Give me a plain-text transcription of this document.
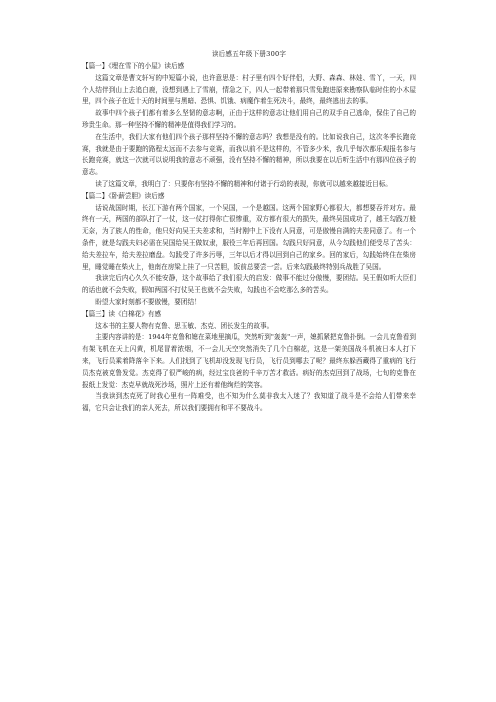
读后感五年级下册300字

【篇一】《埋在雪下的小屋》读后感

这篇文章是曹文轩写的中短篇小说，也许意思是：村子里有四个好伴侣，大野、森森、林娃、雪丫，一天，四个人结伴到山上去追白鹿，没想到遇上了雪崩，情急之下，四人一起带着那只雪兔跑进原来勘察队临时住的小木屋里，四个孩子在近十天的时间里与黑暗、恐惧、饥饿、病魔作着生死决斗，最终，最终逃出去的事。

故事中四个孩子们都有着多么坚韧的意志啊，正由于这样的意志让他们用自己的双手自己逃命，保住了自己的珍贵生命。那一种坚持不懈的精神是值得我们学习的。

在生活中，我们大家有他们四个孩子那样坚持不懈的意志吗？我想是没有的。比如说我自己，这次冬季长跑竞赛，我就是由于要跑的路程太远而不去参与竞赛，而我以前不是这样的，不管多少米，我几乎每次都乐观报名参与长跑竞赛，就这一次就可以说明我的意志不顽强，没有坚持不懈的精神，所以我要在以后听生活中有那四位孩子的意志。

读了这篇文章，我明白了：只要你有坚持不懈的精神和付诸于行动的表现，你就可以越来越接近目标。

【篇二】《卧薪尝胆》读后感

话说战国时期，长江下游有两个国家，一个吴国，一个是越国。这两个国家野心都很大，都想要吞并对方。最终有一天，两国的部队打了一仗，这一仗打得你亡很惨重，双方都有很大的损失，最终吴国成功了，越王勾践万般无奈，为了族人的性命，他只好向吴王夫差求和，当时刚中上下没有人同意，可是傲慢自满的夫差同意了。有一个条件，就是勾践夫妇必需在吴国给吴王做奴隶，服役三年后再回国。勾践只好同意，从今勾践他们便受尽了苦头：给夫差拉车，给夫差拉磨盘。勾践受了许多污辱，三年以后才得以回到自己的家乡。回的家后，勾践始终住在柴房里，睡觉睡在柴火上，他南在房梁上挂了一只苦胆，饭前总要尝一尝。后来勾践最终特别兵战胜了吴国。

我读完后内心久久不能安静，这个故事给了我们很大的启发：做事不能过分傲慢，要团结。吴王假如听大臣们的话也就不会失败，假如两国不打仗吴王也就不会失败，勾践也不会吃那么多的苦头。

盼望大家时刻都不要傲慢，要团结！

【篇三】读《白棉花》有感

这本书的主要人物有克鲁、思玉敏、杰克、团长发生的故事。

主要内容讲的是：1944年克鲁和媳在菜地里摘瓜，突然听到"轰轰"一声，媳抓紧把克鲁扑倒。一会儿克鲁看到有架飞机在天上闪黄，机尾冒着浓烟，不一会儿天空突然消失了几个白棉花，这是一架美国战斗机被日本人打下来，飞行员乘着降落伞下来。人们找到了飞机却没发现飞行员，飞行员到哪去了呢？最终东躲西藏得了重病的飞行员杰克被克鲁发觉。杰克得了很严峻的病，经过宝良爸的千辛万苦才救活。病好的杰克回到了战场，七旬的克鲁在报纸上发觉：杰克早就战死沙场，照片上还有着他绚烂的笑容。

当我读到杰克死了时我心里有一阵难受，也不知为什么莫非我太入迷了？我知道了战斗是不会给人们带来幸福，它只会让我们的亲人死去，所以我们要拥有和平不要战斗。
